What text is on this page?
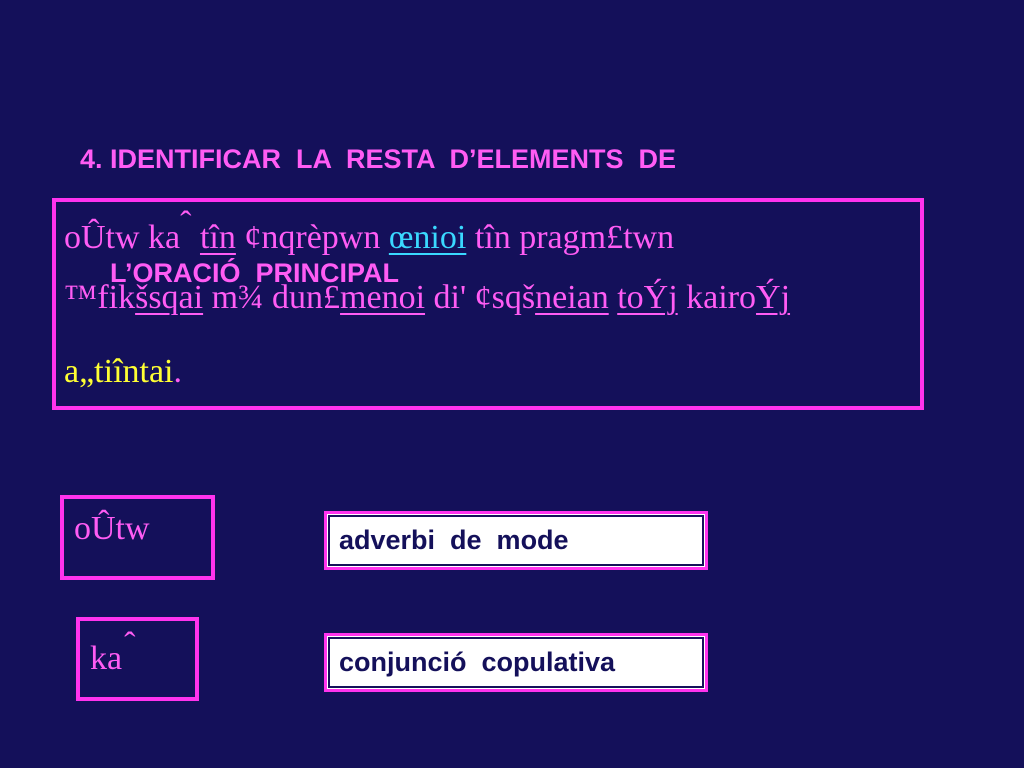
4. IDENTIFICAR  LA  RESTA  D’ELEMENTS  DE

L’ORACIÓ  PRINCIPAL

oÛtw kaˆ tîn ¢nqrèpwn œnioi tîn pragm£twn
™fikšsqai m¾ dun£menoi di' ¢sqšneian toÝj kairoÝj
a„tiîntai.

oÛtw

kaˆ

adverbi  de  mode
conjunció  copulativa
